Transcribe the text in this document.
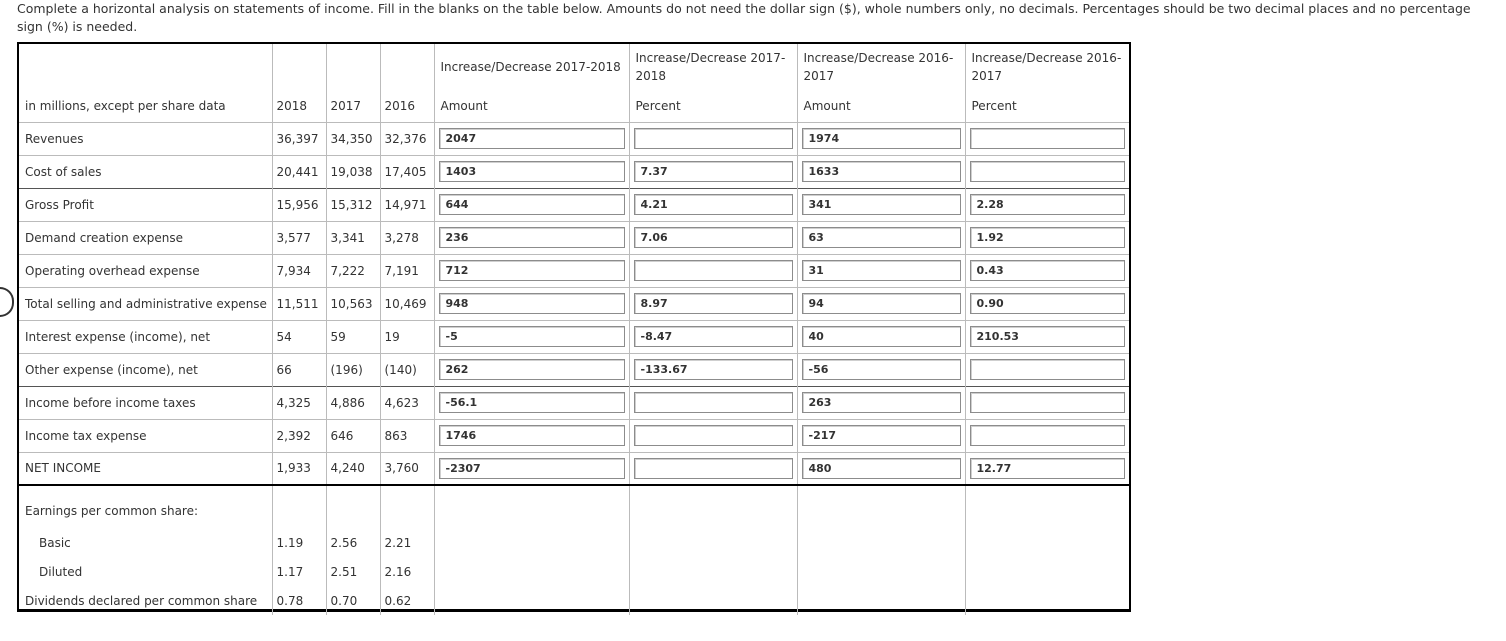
Complete a horizontal analysis on statements of income. Fill in the blanks on the table below. Amounts do not need the dollar sign ($), whole numbers only, no decimals. Percentages should be two decimal places and no percentage sign (%) is needed.
				Increase/Decrease 2017-2018	Increase/Decrease 2017-2018	Increase/Decrease 2016-2017	Increase/Decrease 2016-2017
in millions, except per share data	2018	2017	2016	Amount	Percent	Amount	Percent
Revenues	36,397	34,350	32,376	2047		1974	

Cost of sales	20,441	19,038	17,405	1403	7.37	1633	

Gross Profit	15,956	15,312	14,971	644	4.21	341	2.28

Demand creation expense	3,577	3,341	3,278	236	7.06	63	1.92

Operating overhead expense	7,934	7,222	7,191	712		31	0.43

Total selling and administrative expense	11,511	10,563	10,469	948	8.97	94	0.90

Interest expense (income), net	54	59	19	-5	-8.47	40	210.53

Other expense (income), net	66	(196)	(140)	262	-133.67	-56	

Income before income taxes	4,325	4,886	4,623	-56.1		263	

Income tax expense	2,392	646	863	1746		-217	

NET INCOME	1,933	4,240	3,760	-2307		480	12.77

Earnings per common share:							
Basic	1.19	2.56	2.21				
Diluted	1.17	2.51	2.16				
Dividends declared per common share	0.78	0.70	0.62				
